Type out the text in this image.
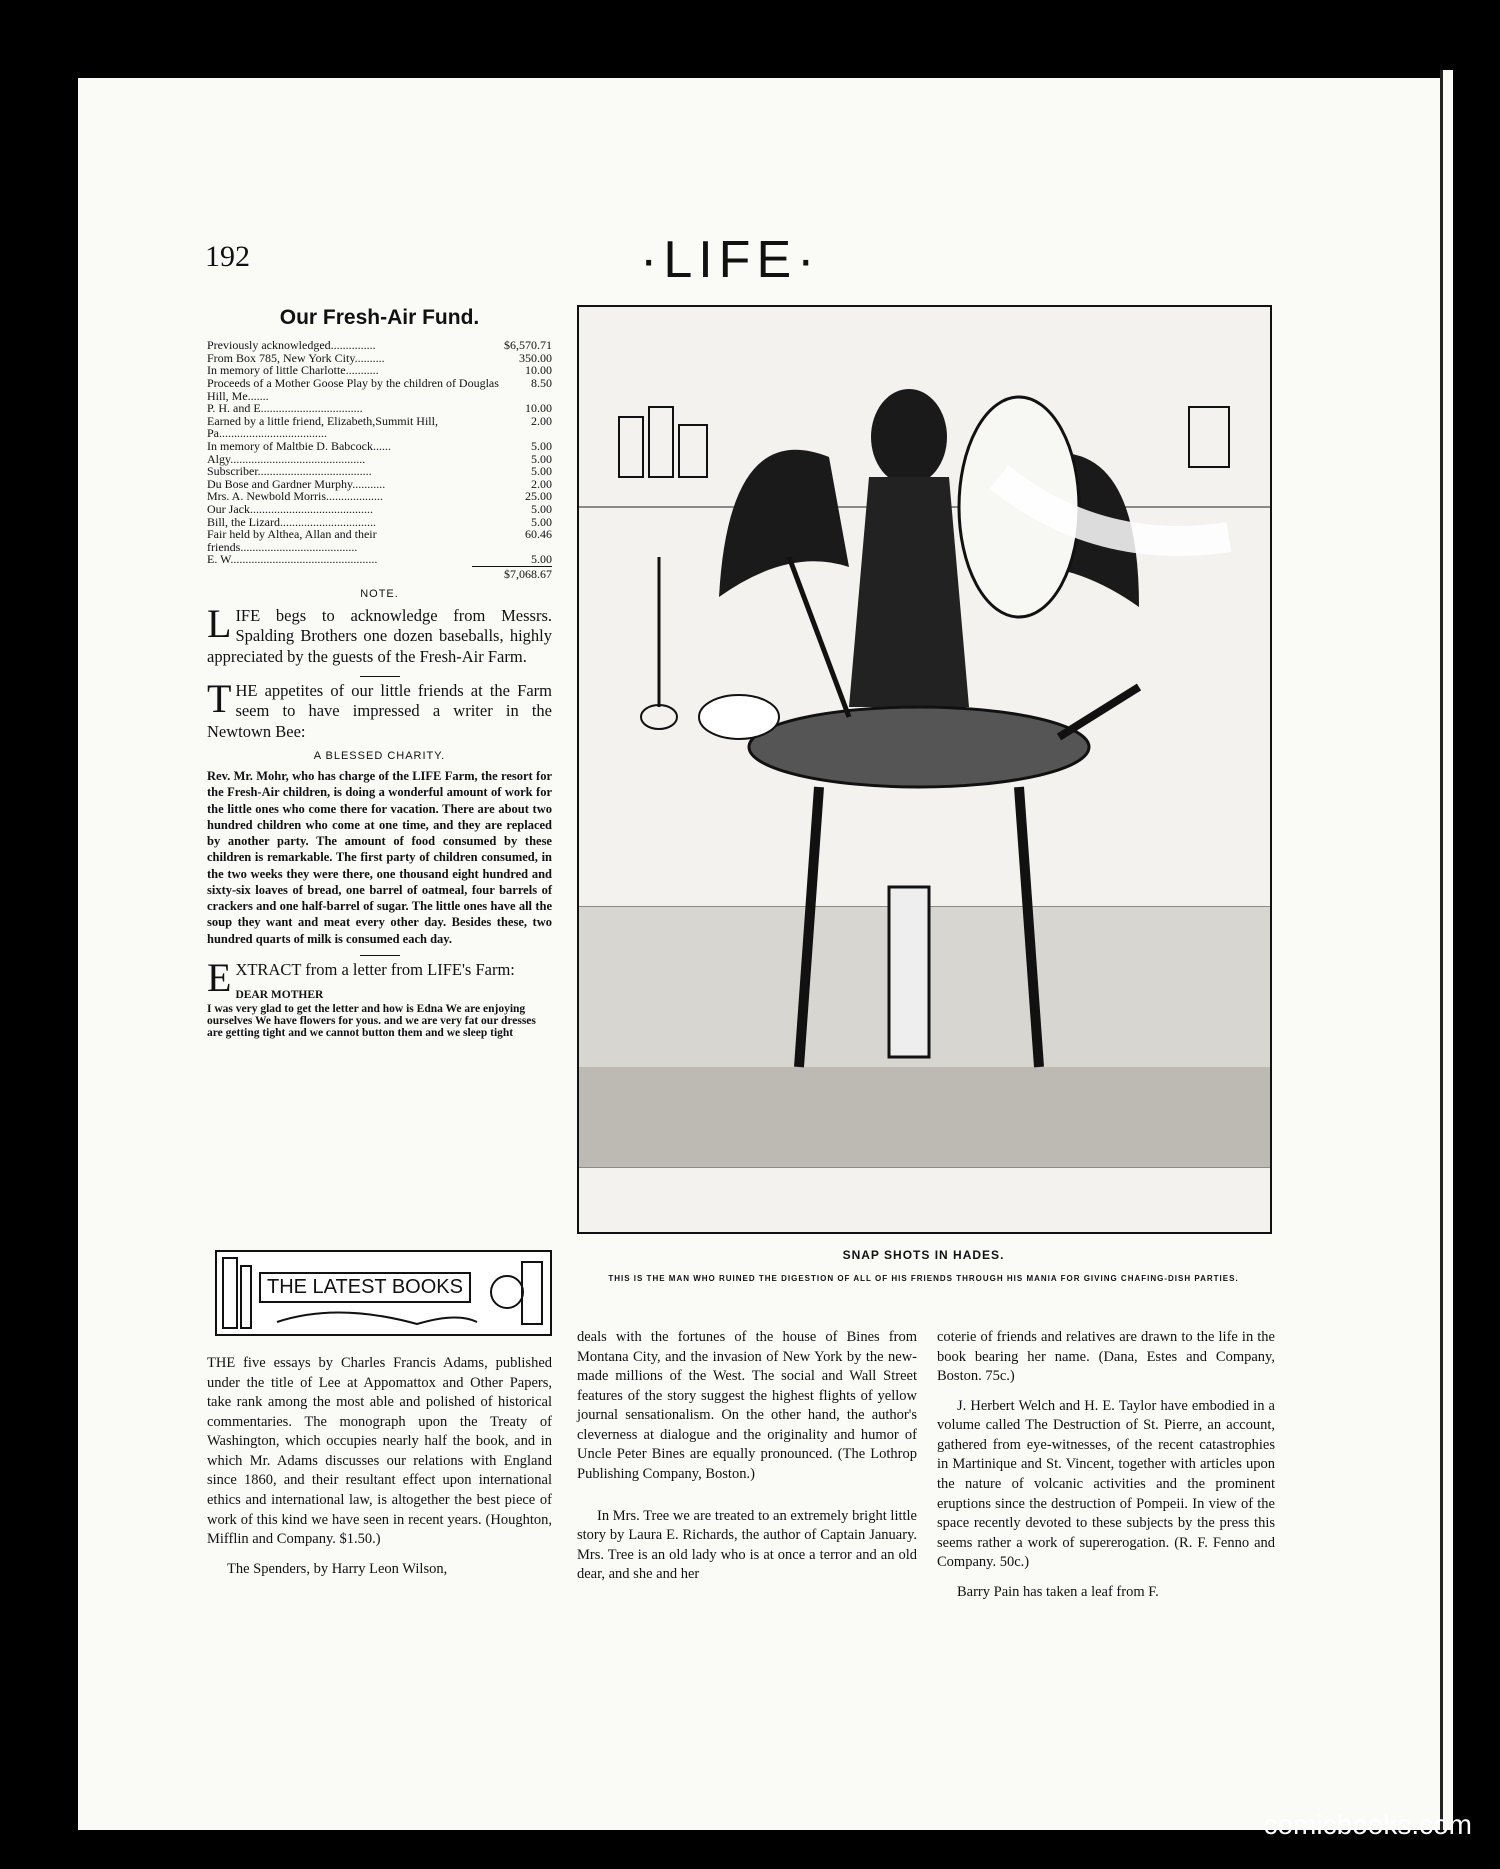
192	·LIFE·
Our Fresh-Air Fund.
Previously acknowledged...............	$6,570.71
From Box 785, New York City..........	350.00
In memory of little Charlotte...........	10.00
Proceeds of a Mother Goose Play by the children of Douglas Hill, Me.......	8.50
P. H. and E..................................	10.00
Earned by a little friend, Elizabeth,Summit Hill, Pa....................................	2.00
In memory of Maltbie D. Babcock......	5.00
Algy.............................................	5.00
Subscriber......................................	5.00
Du Bose and Gardner Murphy...........	2.00
Mrs. A. Newbold Morris...................	25.00
Our Jack.........................................	5.00
Bill, the Lizard................................	5.00
Fair held by Althea, Allan and their friends.......................................	60.46
E. W.................................................	5.00
$7,068.67
NOTE.

LIFE begs to acknowledge from Messrs. Spalding Brothers one dozen baseballs, highly appreciated by the guests of the Fresh-Air Farm.

THE appetites of our little friends at the Farm seem to have impressed a writer in the Newtown Bee:

A BLESSED CHARITY.

Rev. Mr. Mohr, who has charge of the LIFE Farm, the resort for the Fresh-Air children, is doing a wonderful amount of work for the little ones who come there for vacation. There are about two hundred children who come at one time, and they are replaced by another party. The amount of food consumed by these children is remarkable. The first party of children consumed, in the two weeks they were there, one thousand eight hundred and sixty-six loaves of bread, one barrel of oatmeal, four barrels of crackers and one half-barrel of sugar. The little ones have all the soup they want and meat every other day. Besides these, two hundred quarts of milk is consumed each day.

EXTRACT from a letter from LIFE's Farm:

DEAR MOTHER

I was very glad to get the letter and how is Edna We are enjoying ourselves We have flowers for yous. and we are very fat our dresses are getting tight and we cannot button them and we sleep tight

THE LATEST BOOKS
SNAP SHOTS IN HADES.
THIS IS THE MAN WHO RUINED THE DIGESTION OF ALL OF HIS FRIENDS THROUGH HIS MANIA FOR GIVING CHAFING-DISH PARTIES.

THE five essays by Charles Francis Adams, published under the title of Lee at Appomattox and Other Papers, take rank among the most able and polished of historical commentaries. The monograph upon the Treaty of Washington, which occupies nearly half the book, and in which Mr. Adams discusses our relations with England since 1860, and their resultant effect upon international ethics and international law, is altogether the best piece of work of this kind we have seen in recent years. (Houghton, Mifflin and Company. $1.50.)

The Spenders, by Harry Leon Wilson,

deals with the fortunes of the house of Bines from Montana City, and the invasion of New York by the new-made millions of the West. The social and Wall Street features of the story suggest the highest flights of yellow journal sensationalism. On the other hand, the author's cleverness at dialogue and the originality and humor of Uncle Peter Bines are equally pronounced. (The Lothrop Publishing Company, Boston.)

In Mrs. Tree we are treated to an extremely bright little story by Laura E. Richards, the author of Captain January. Mrs. Tree is an old lady who is at once a terror and an old dear, and she and her

coterie of friends and relatives are drawn to the life in the book bearing her name. (Dana, Estes and Company, Boston. 75c.)

J. Herbert Welch and H. E. Taylor have embodied in a volume called The Destruction of St. Pierre, an account, gathered from eye-witnesses, of the recent catastrophies in Martinique and St. Vincent, together with articles upon the nature of volcanic activities and the prominent eruptions since the destruction of Pompeii. In view of the space recently devoted to these subjects by the press this seems rather a work of supererogation. (R. F. Fenno and Company. 50c.)

Barry Pain has taken a leaf from F.

comicbooks.com
